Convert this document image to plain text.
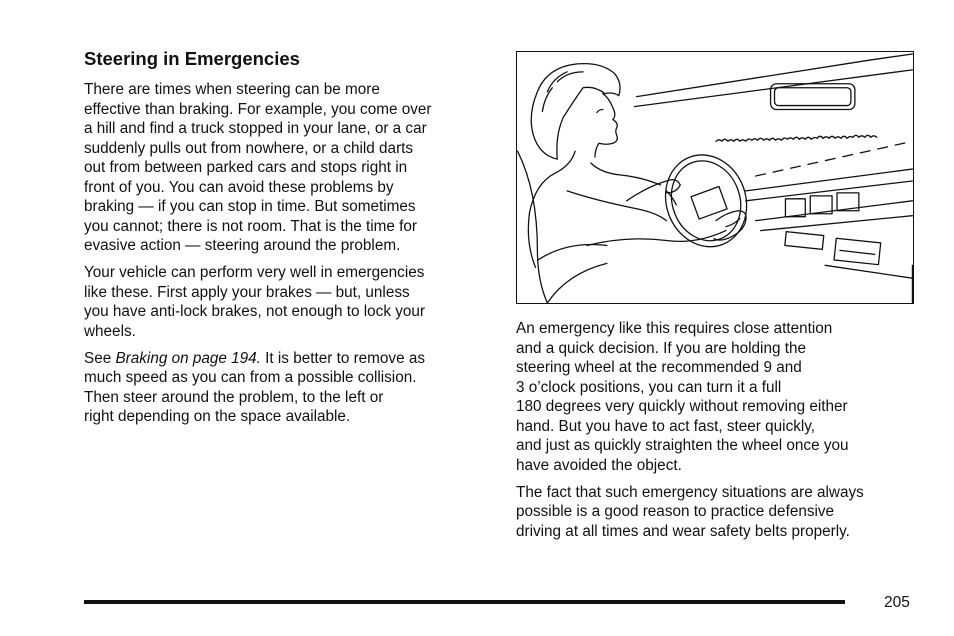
Steering in Emergencies

There are times when steering can be more
effective than braking. For example, you come over
a hill and find a truck stopped in your lane, or a car
suddenly pulls out from nowhere, or a child darts
out from between parked cars and stops right in
front of you. You can avoid these problems by
braking — if you can stop in time. But sometimes
you cannot; there is not room. That is the time for
evasive action — steering around the problem.

Your vehicle can perform very well in emergencies
like these. First apply your brakes — but, unless
you have anti-lock brakes, not enough to lock your
wheels.

See Braking on page 194. It is better to remove as
much speed as you can from a possible collision.
Then steer around the problem, to the left or
right depending on the space available.

An emergency like this requires close attention
and a quick decision. If you are holding the
steering wheel at the recommended 9 and
3 o’clock positions, you can turn it a full
180 degrees very quickly without removing either
hand. But you have to act fast, steer quickly,
and just as quickly straighten the wheel once you
have avoided the object.

The fact that such emergency situations are always
possible is a good reason to practice defensive
driving at all times and wear safety belts properly.

205
